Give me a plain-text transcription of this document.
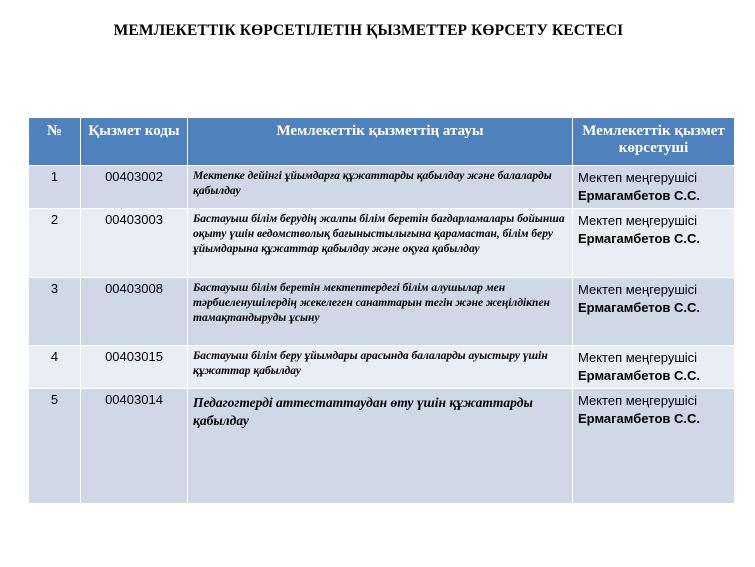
МЕМЛЕКЕТТІК КӨРСЕТІЛЕТІН ҚЫЗМЕТТЕР КӨРСЕТУ КЕСТЕСІ
№	Қызмет коды	Мемлекеттік қызметтің атауы	Мемлекеттік қызмет көрсетуші
1	00403002	Мектепке дейінгі ұйымдарға құжаттарды қабылдау және балаларды қабылдау	Мектеп меңгерушісі
Ермагамбетов С.С.

2	00403003	Бастауыш білім берудің жалпы білім беретін бағдарламалары бойынша оқыту үшін ведомстволық бағыныстылығына қарамастан, білім беру ұйымдарына құжаттар қабылдау және оқуға қабылдау	Мектеп меңгерушісі
Ермагамбетов С.С.

3	00403008	Бастауыш білім беретін мектептердегі білім алушылар мен тәрбиеленушілердің жекелеген санаттарын тегін және жеңілдікпен тамақтандыруды ұсыну	Мектеп меңгерушісі
Ермагамбетов С.С.

4	00403015	Бастауыш білім беру ұйымдары арасында балаларды ауыстыру үшін құжаттар қабылдау	Мектеп меңгерушісі
Ермагамбетов С.С.

5	00403014	Педагогтерді аттестаттаудан өту үшін құжаттарды қабылдау	Мектеп меңгерушісі
Ермагамбетов С.С.
